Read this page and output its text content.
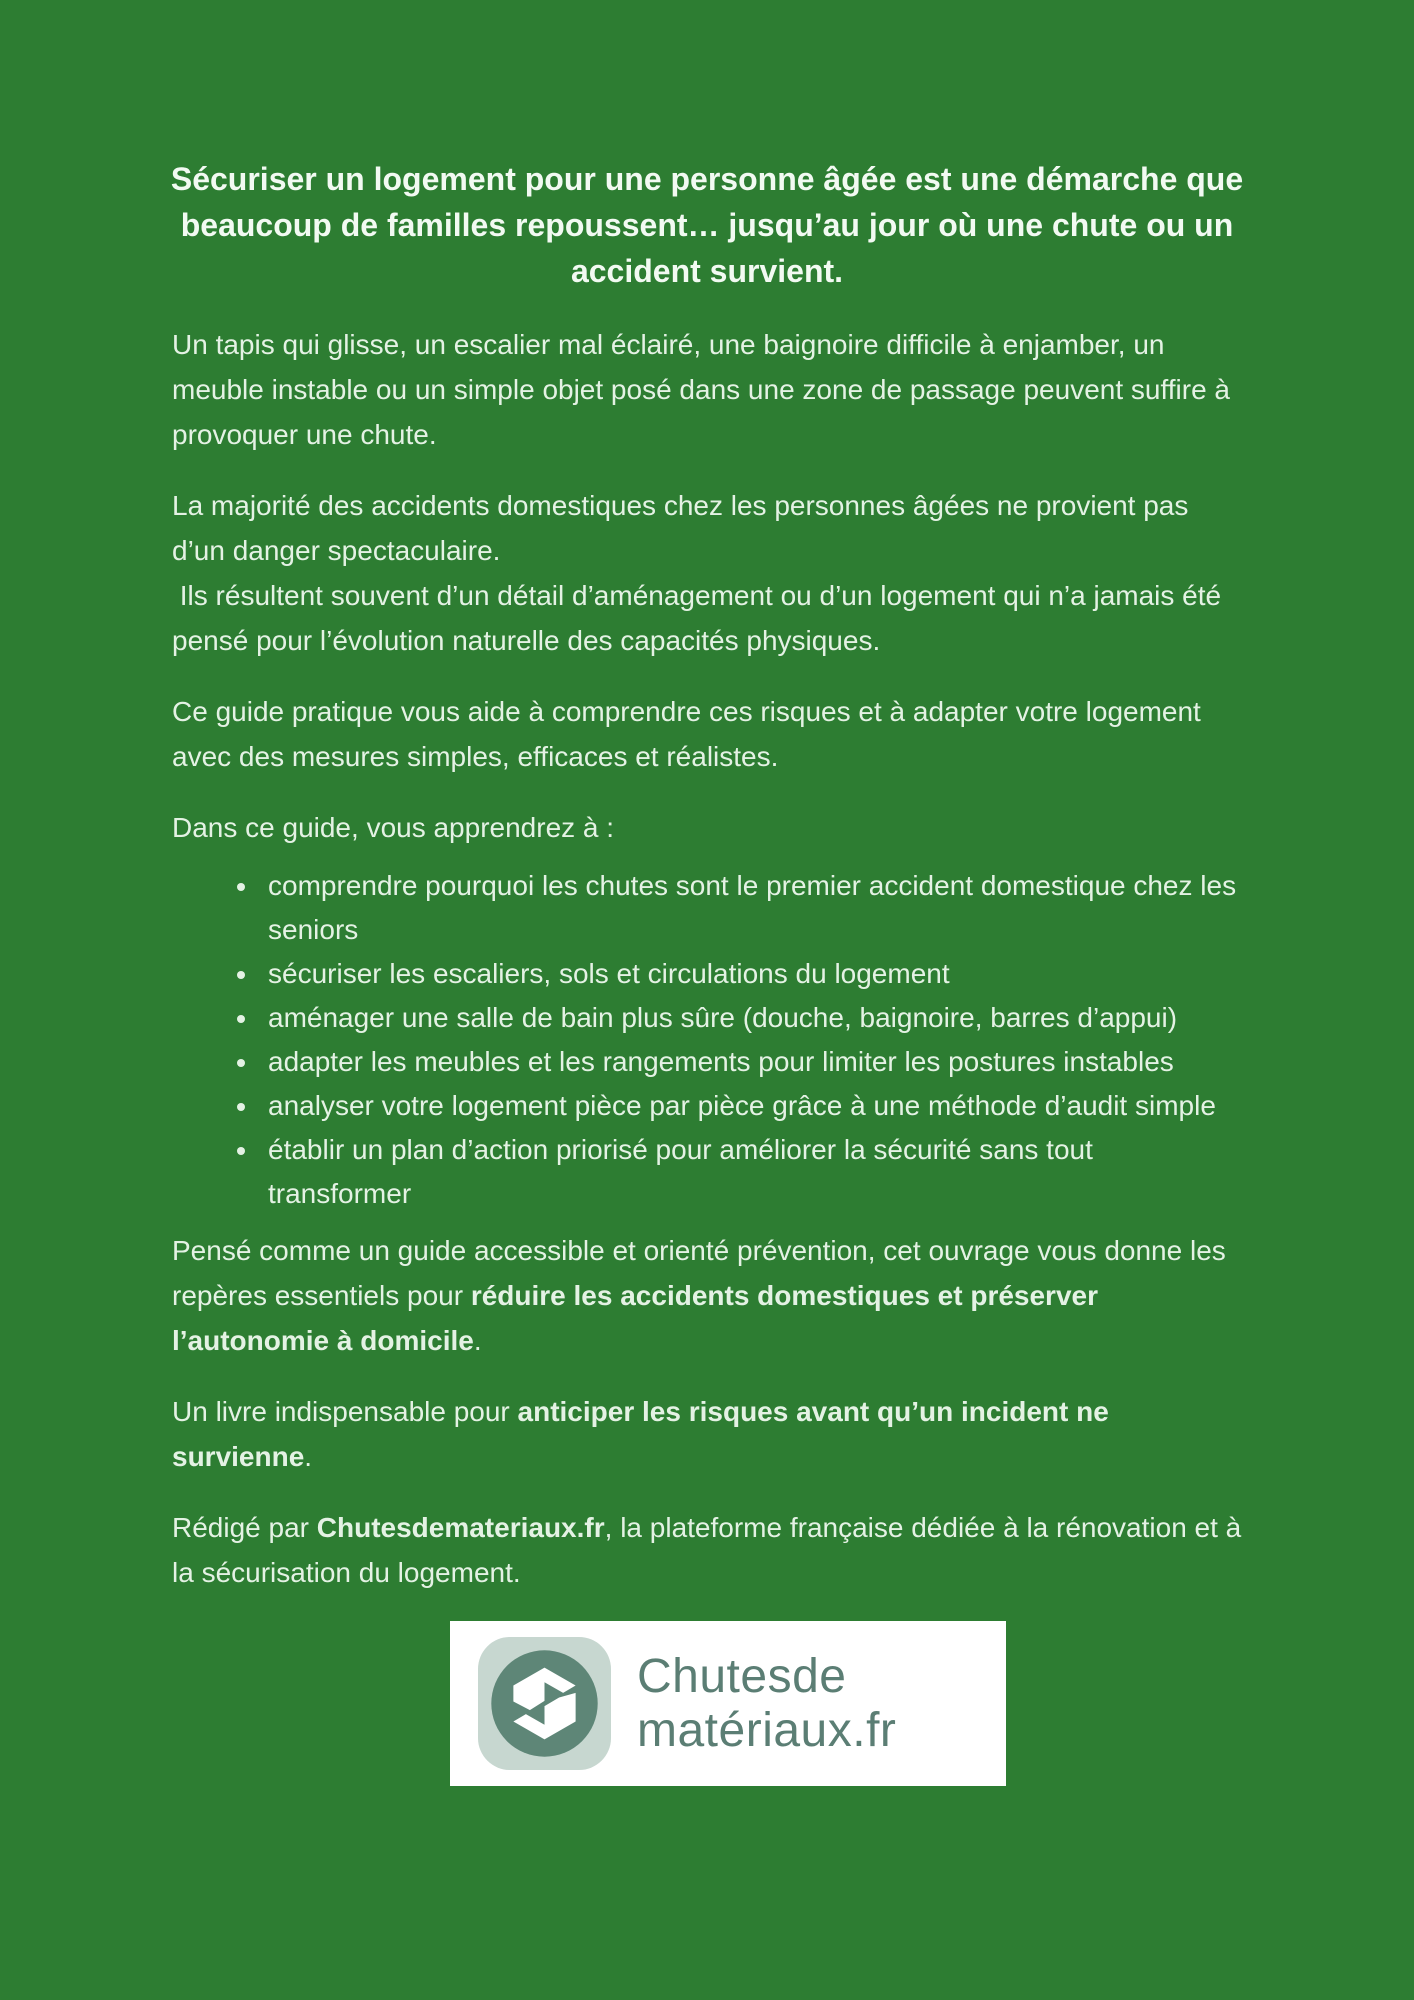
Sécuriser un logement pour une personne âgée est une démarche que beaucoup de familles repoussent… jusqu’au jour où une chute ou un accident survient.

Un tapis qui glisse, un escalier mal éclairé, une baignoire difficile à enjamber, un meuble instable ou un simple objet posé dans une zone de passage peuvent suffire à provoquer une chute.

La majorité des accidents domestiques chez les personnes âgées ne provient pas d’un danger spectaculaire.
Ils résultent souvent d’un détail d’aménagement ou d’un logement qui n’a jamais été pensé pour l’évolution naturelle des capacités physiques.

Ce guide pratique vous aide à comprendre ces risques et à adapter votre logement avec des mesures simples, efficaces et réalistes.

Dans ce guide, vous apprendrez à :

• comprendre pourquoi les chutes sont le premier accident domestique chez les seniors
• sécuriser les escaliers, sols et circulations du logement
• aménager une salle de bain plus sûre (douche, baignoire, barres d’appui)
• adapter les meubles et les rangements pour limiter les postures instables
• analyser votre logement pièce par pièce grâce à une méthode d’audit simple
• établir un plan d’action priorisé pour améliorer la sécurité sans tout transformer

Pensé comme un guide accessible et orienté prévention, cet ouvrage vous donne les repères essentiels pour réduire les accidents domestiques et préserver l’autonomie à domicile.

Un livre indispensable pour anticiper les risques avant qu’un incident ne survienne.

Rédigé par Chutesdemateriaux.fr, la plateforme française dédiée à la rénovation et à la sécurisation du logement.

Chutesde
matériaux.fr
